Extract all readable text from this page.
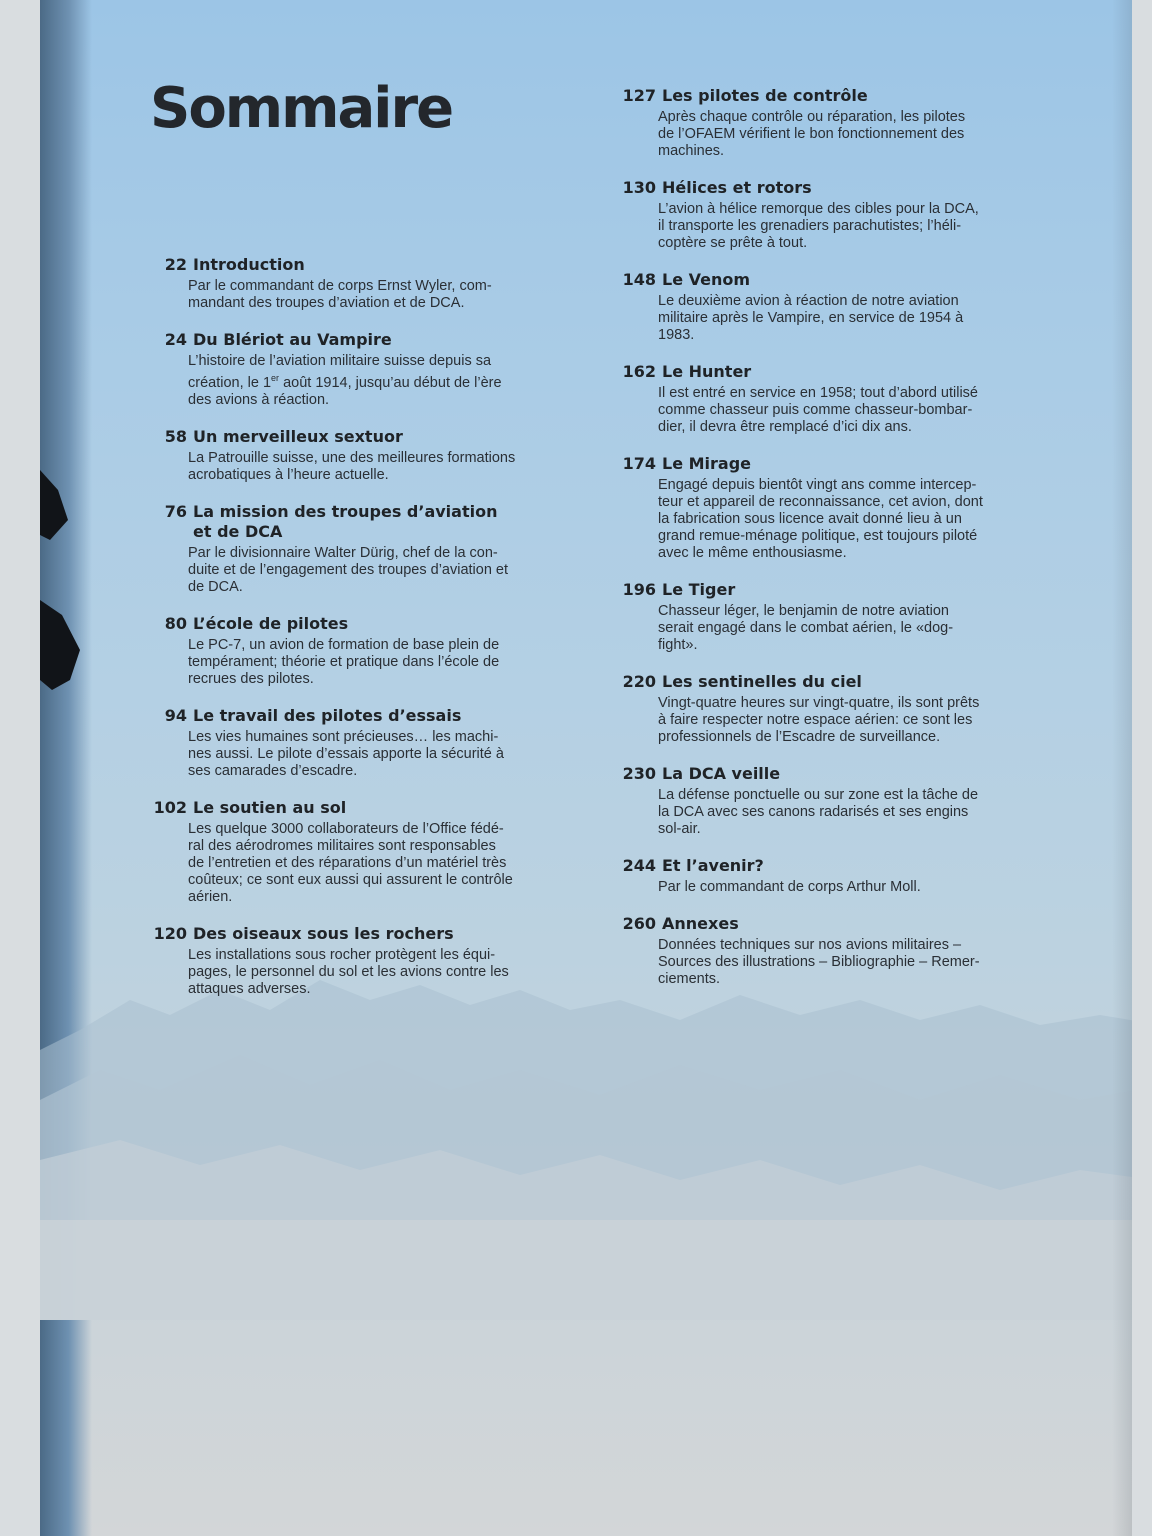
Sommaire
22 Introduction
Par le commandant de corps Ernst Wyler, com-
mandant des troupes d’aviation et de DCA.
24 Du Blériot au Vampire
L’histoire de l’aviation militaire suisse depuis sa
création, le 1er août 1914, jusqu’au début de l’ère
des avions à réaction.
58 Un merveilleux sextuor
La Patrouille suisse, une des meilleures formations
acrobatiques à l’heure actuelle.
76 La mission des troupes d’aviation
et de DCA
Par le divisionnaire Walter Dürig, chef de la con-
duite et de l’engagement des troupes d’aviation et
de DCA.
80 L’école de pilotes
Le PC-7, un avion de formation de base plein de
tempérament; théorie et pratique dans l’école de
recrues des pilotes.
94 Le travail des pilotes d’essais
Les vies humaines sont précieuses… les machi-
nes aussi. Le pilote d’essais apporte la sécurité à
ses camarades d’escadre.
102 Le soutien au sol
Les quelque 3000 collaborateurs de l’Office fédé-
ral des aérodromes militaires sont responsables
de l’entretien et des réparations d’un matériel très
coûteux; ce sont eux aussi qui assurent le contrôle
aérien.
120 Des oiseaux sous les rochers
Les installations sous rocher protègent les équi-
pages, le personnel du sol et les avions contre les
attaques adverses.
127 Les pilotes de contrôle
Après chaque contrôle ou réparation, les pilotes
de l’OFAEM vérifient le bon fonctionnement des
machines.
130 Hélices et rotors
L’avion à hélice remorque des cibles pour la DCA,
il transporte les grenadiers parachutistes; l’héli-
coptère se prête à tout.
148 Le Venom
Le deuxième avion à réaction de notre aviation
militaire après le Vampire, en service de 1954 à
1983.
162 Le Hunter
Il est entré en service en 1958; tout d’abord utilisé
comme chasseur puis comme chasseur-bombar-
dier, il devra être remplacé d’ici dix ans.
174 Le Mirage
Engagé depuis bientôt vingt ans comme intercep-
teur et appareil de reconnaissance, cet avion, dont
la fabrication sous licence avait donné lieu à un
grand remue-ménage politique, est toujours piloté
avec le même enthousiasme.
196 Le Tiger
Chasseur léger, le benjamin de notre aviation
serait engagé dans le combat aérien, le «dog-
fight».
220 Les sentinelles du ciel
Vingt-quatre heures sur vingt-quatre, ils sont prêts
à faire respecter notre espace aérien: ce sont les
professionnels de l’Escadre de surveillance.
230 La DCA veille
La défense ponctuelle ou sur zone est la tâche de
la DCA avec ses canons radarisés et ses engins
sol-air.
244 Et l’avenir?
Par le commandant de corps Arthur Moll.
260 Annexes
Données techniques sur nos avions militaires –
Sources des illustrations – Bibliographie – Remer-
ciements.
